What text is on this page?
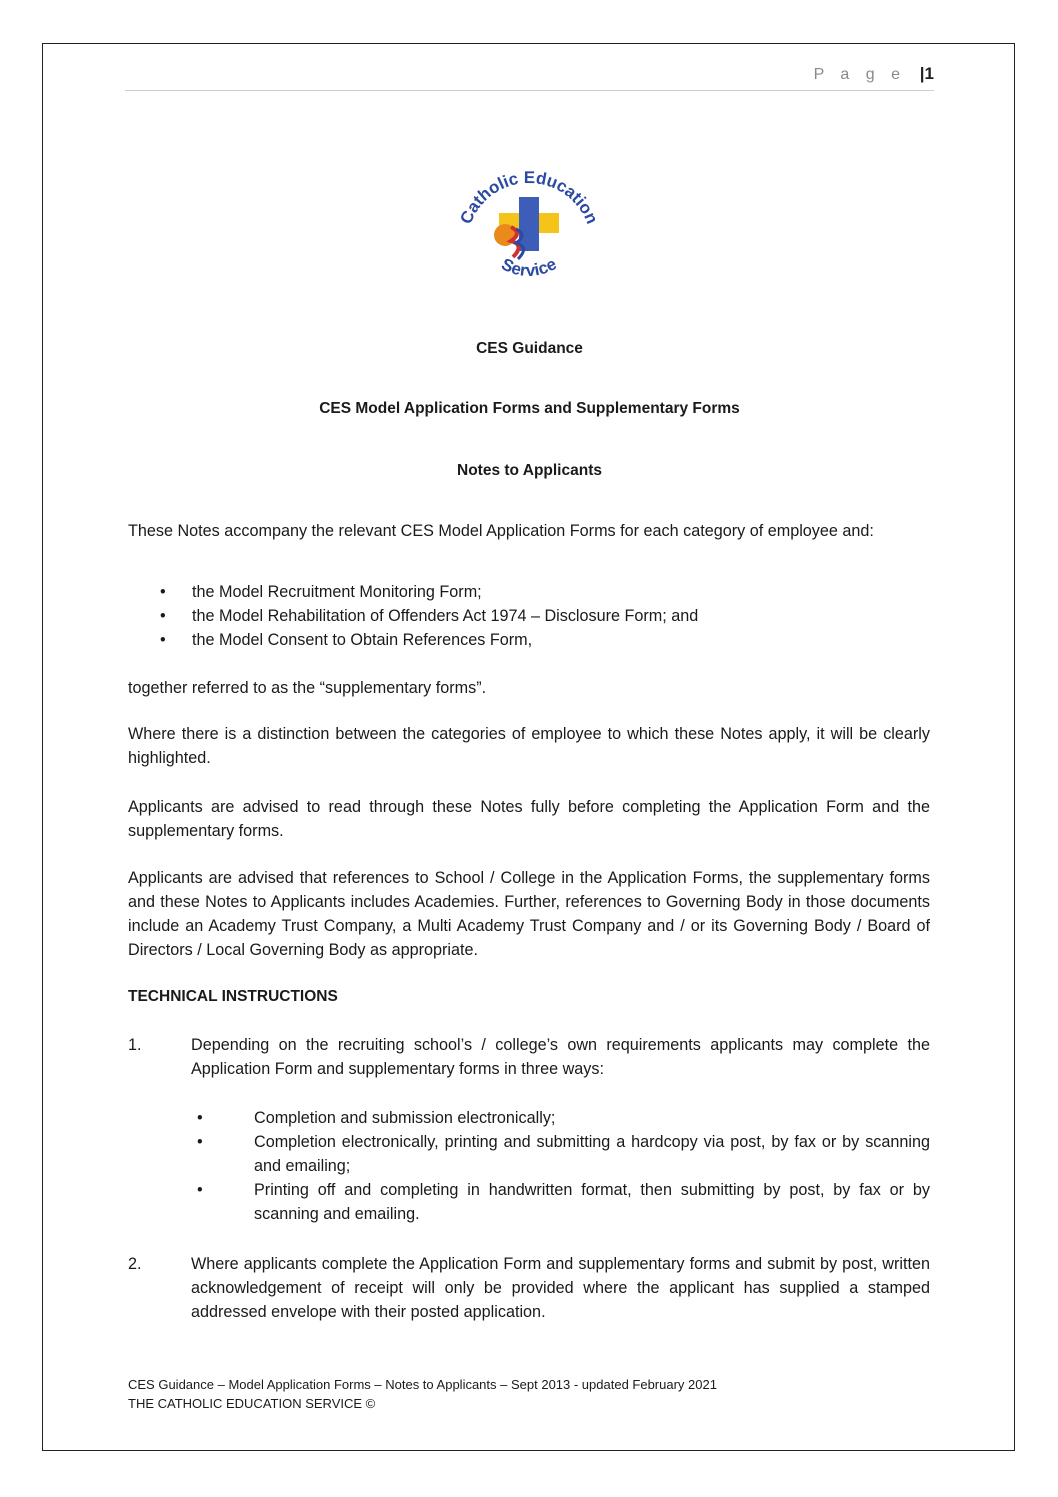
P a g e |1
Catholic Education
Service
CES Guidance
CES Model Application Forms and Supplementary Forms
Notes to Applicants

These Notes accompany the relevant CES Model Application Forms for each category of employee and:

• the Model Recruitment Monitoring Form;
• the Model Rehabilitation of Offenders Act 1974 – Disclosure Form; and
• the Model Consent to Obtain References Form,

together referred to as the “supplementary forms”.

Where there is a distinction between the categories of employee to which these Notes apply, it will be clearly highlighted.

Applicants are advised to read through these Notes fully before completing the Application Form and the supplementary forms.

Applicants are advised that references to School / College in the Application Forms, the supplementary forms and these Notes to Applicants includes Academies. Further, references to Governing Body in those documents include an Academy Trust Company, a Multi Academy Trust Company and / or its Governing Body / Board of Directors / Local Governing Body as appropriate.

TECHNICAL INSTRUCTIONS
1.	Depending on the recruiting school’s / college’s own requirements applicants may complete the Application Form and supplementary forms in three ways:
•	Completion and submission electronically;
•	Completion electronically, printing and submitting a hardcopy via post, by fax or by scanning and emailing;
•	Printing off and completing in handwritten format, then submitting by post, by fax or by scanning and emailing.
2.	Where applicants complete the Application Form and supplementary forms and submit by post, written acknowledgement of receipt will only be provided where the applicant has supplied a stamped addressed envelope with their posted application.
CES Guidance – Model Application Forms – Notes to Applicants – Sept 2013 - updated February 2021
THE CATHOLIC EDUCATION SERVICE ©
